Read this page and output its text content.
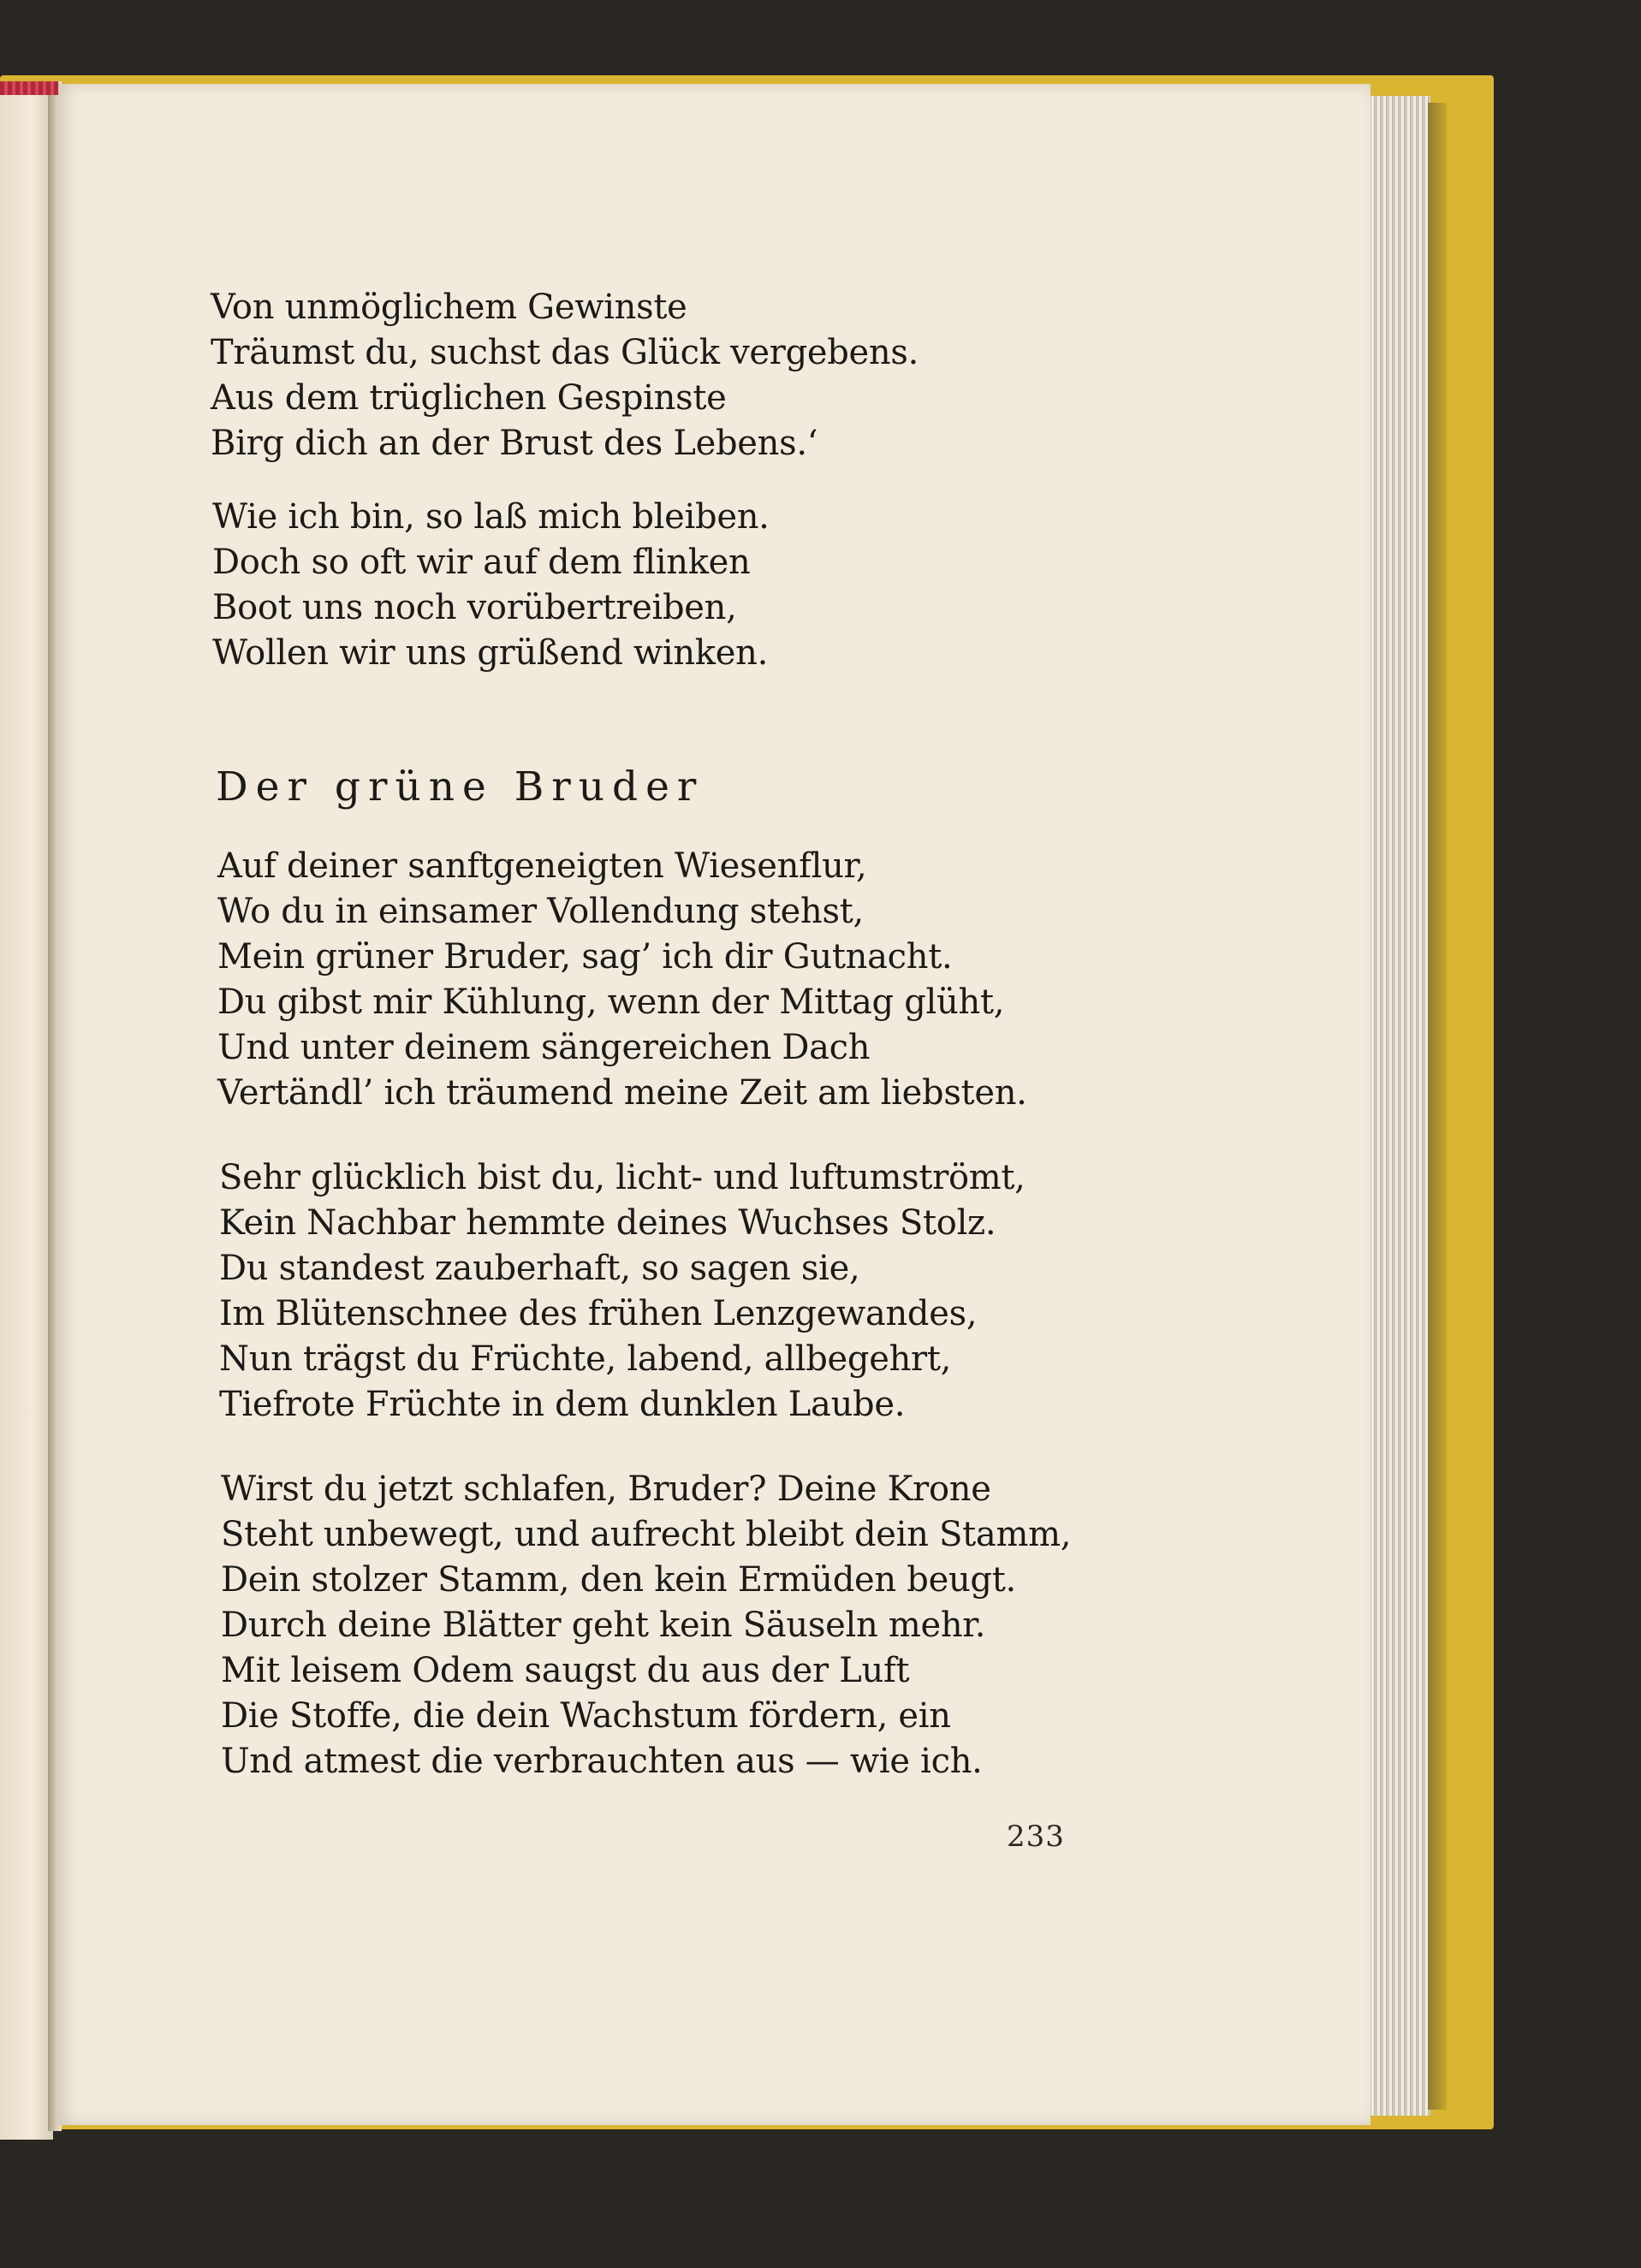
Von unmöglichem Gewinste
Träumst du, suchst das Glück vergebens.
Aus dem trüglichen Gespinste
Birg dich an der Brust des Lebens.‘
Wie ich bin, so laß mich bleiben.
Doch so oft wir auf dem flinken
Boot uns noch vorübertreiben,
Wollen wir uns grüßend winken.
Der grüne Bruder
Auf deiner sanftgeneigten Wiesenflur,
Wo du in einsamer Vollendung stehst,
Mein grüner Bruder, sag’ ich dir Gutnacht.
Du gibst mir Kühlung, wenn der Mittag glüht,
Und unter deinem sängereichen Dach
Vertändl’ ich träumend meine Zeit am liebsten.
Sehr glücklich bist du, licht- und luftumströmt,
Kein Nachbar hemmte deines Wuchses Stolz.
Du standest zauberhaft, so sagen sie,
Im Blütenschnee des frühen Lenzgewandes,
Nun trägst du Früchte, labend, allbegehrt,
Tiefrote Früchte in dem dunklen Laube.
Wirst du jetzt schlafen, Bruder? Deine Krone
Steht unbewegt, und aufrecht bleibt dein Stamm,
Dein stolzer Stamm, den kein Ermüden beugt.
Durch deine Blätter geht kein Säuseln mehr.
Mit leisem Odem saugst du aus der Luft
Die Stoffe, die dein Wachstum fördern, ein
Und atmest die verbrauchten aus — wie ich.
233
